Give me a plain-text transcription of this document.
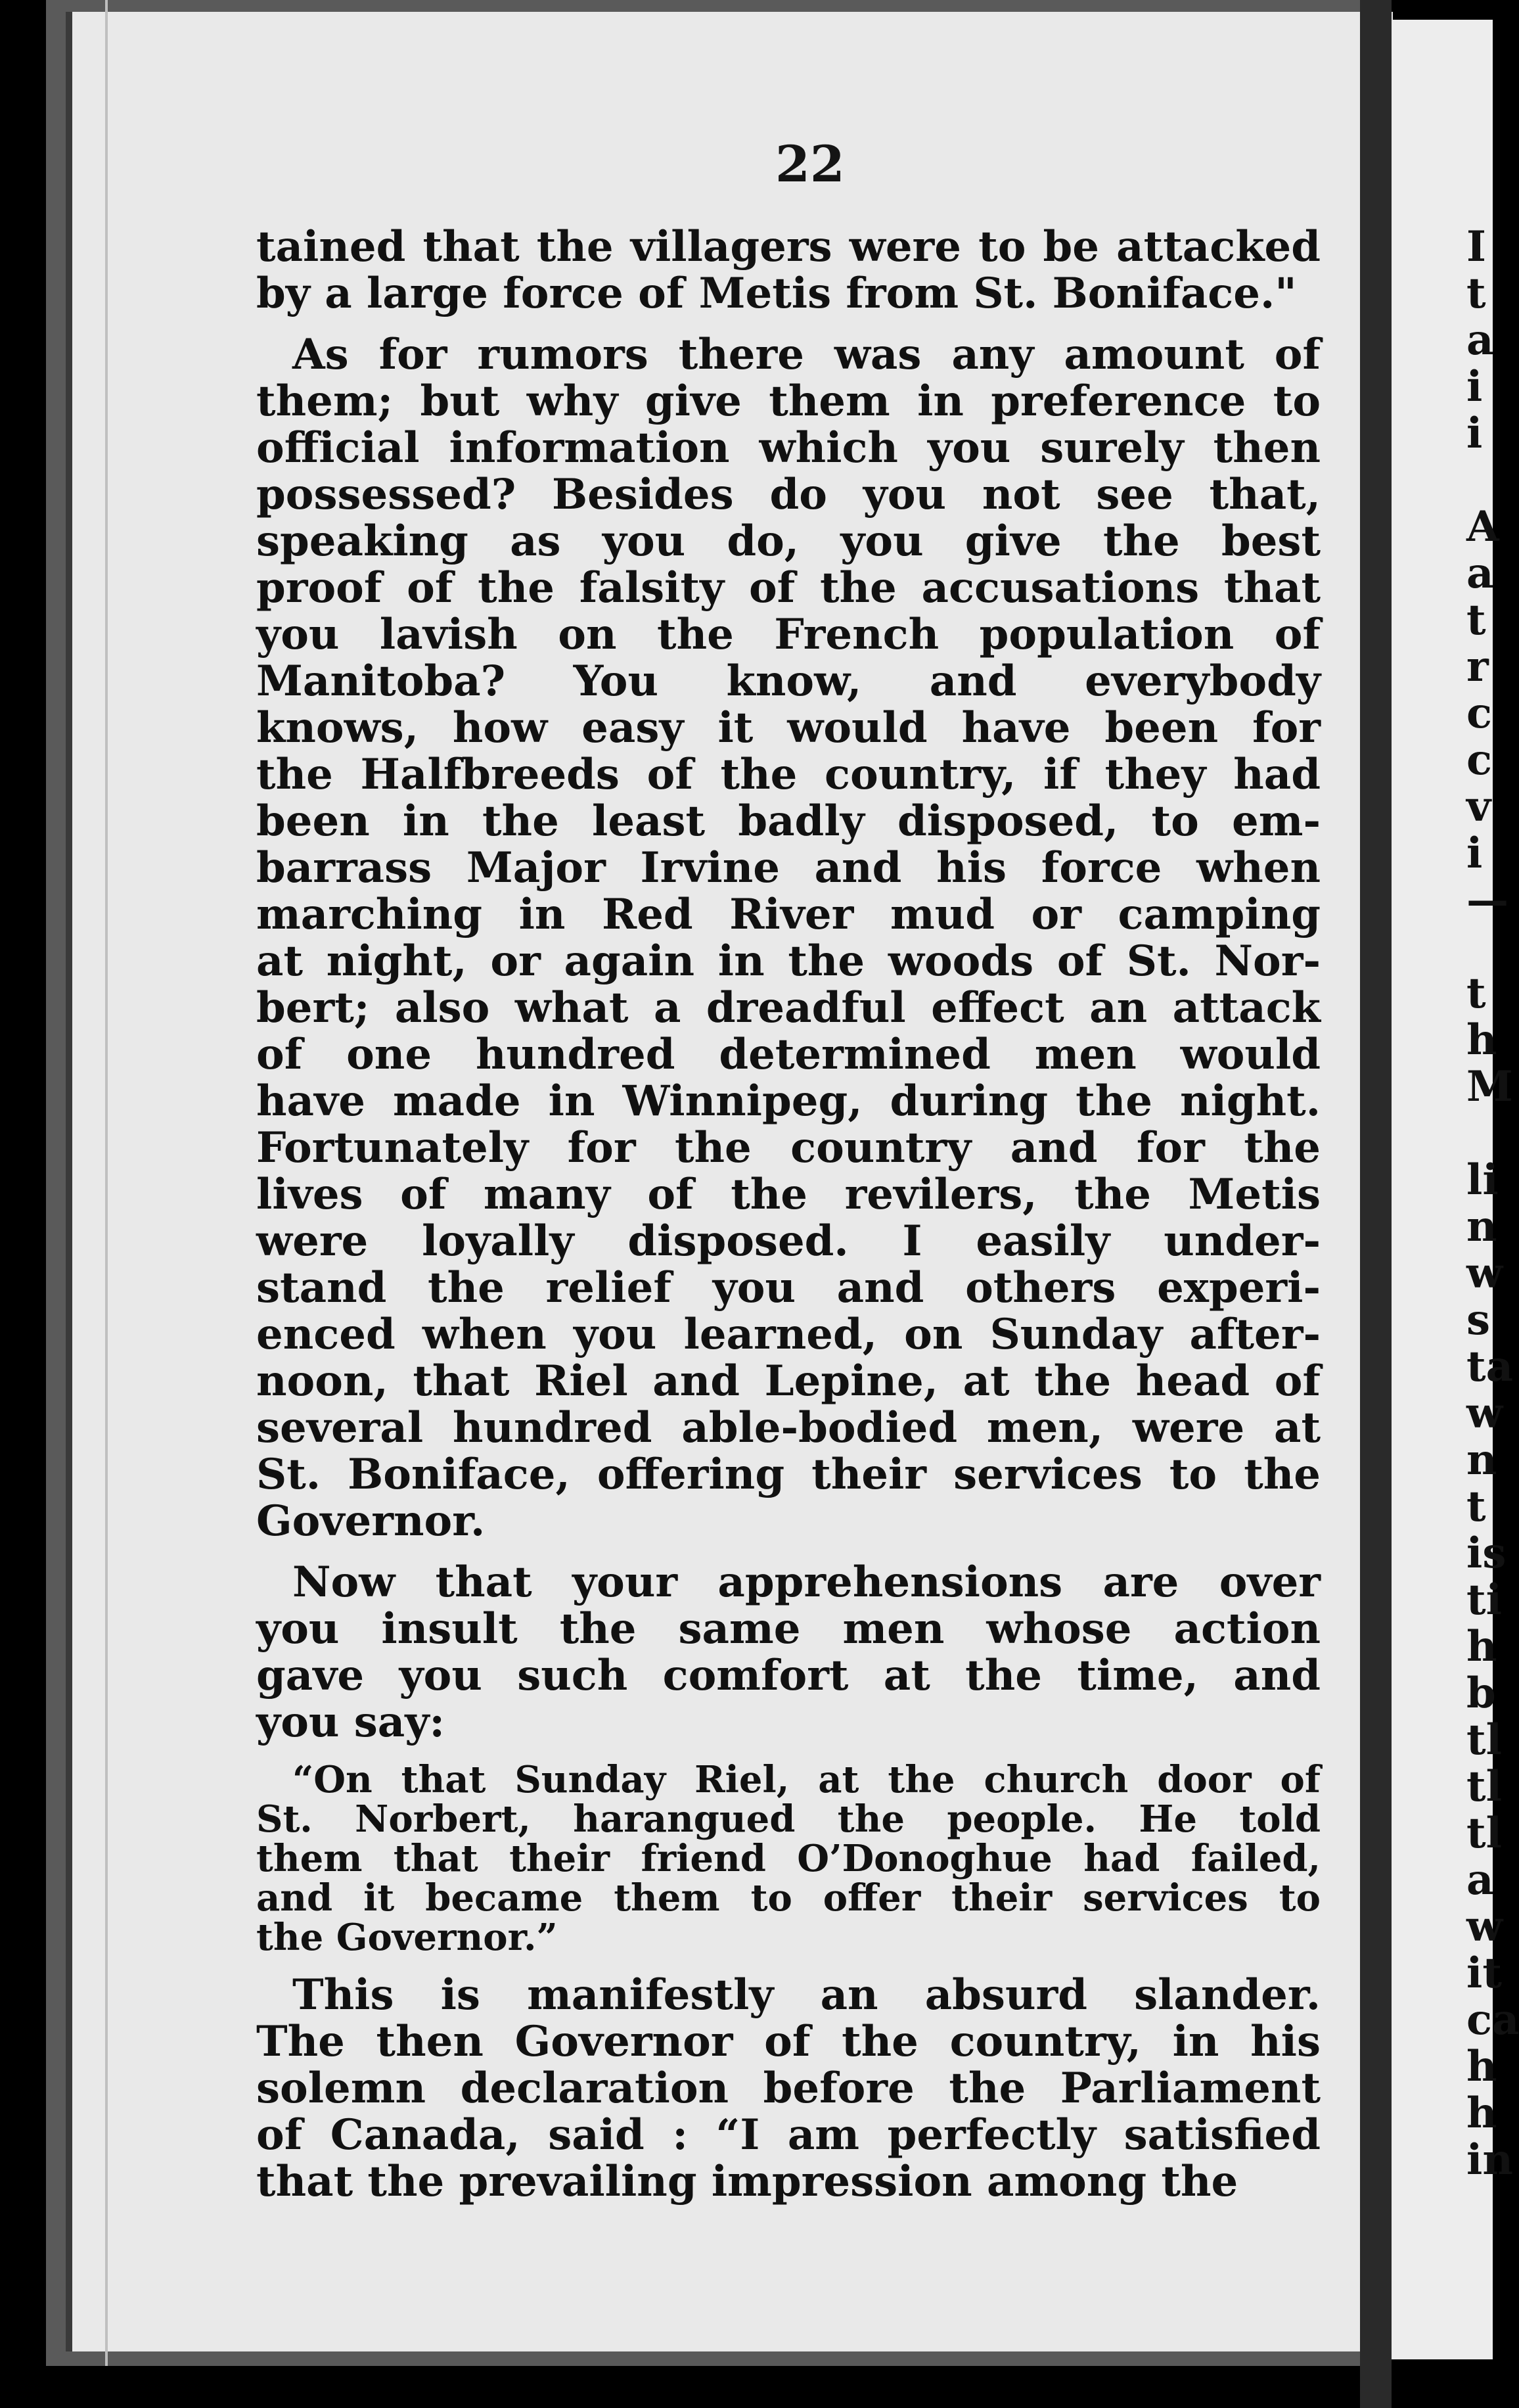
22
tained that the villagers were to be attacked
by a large force of Metis from St. Boniface."
As for rumors there was any amount of
them; but why give them in preference to
official information which you surely then
possessed? Besides do you not see that,
speaking as you do, you give the best
proof of the falsity of the accusations that
you lavish on the French population of
Manitoba? You know, and everybody
knows, how easy it would have been for
the Halfbreeds of the country, if they had
been in the least badly disposed, to em-
barrass Major Irvine and his force when
marching in Red River mud or camping
at night, or again in the woods of St. Nor-
bert; also what a dreadful effect an attack
of one hundred determined men would
have made in Winnipeg, during the night.
Fortunately for the country and for the
lives of many of the revilers, the Metis
were loyally disposed. I easily under-
stand the relief you and others experi-
enced when you learned, on Sunday after-
noon, that Riel and Lepine, at the head of
several hundred able-bodied men, were at
St. Boniface, offering their services to the
Governor.
Now that your apprehensions are over
you insult the same men whose action
gave you such comfort at the time, and
you say:
“On that Sunday Riel, at the church door of
St. Norbert, harangued the people. He told
them that their friend O’Donoghue had failed,
and it became them to offer their services to
the Governor.”
This is manifestly an absurd slander.
The then Governor of the country, in his
solemn declaration before the Parliament
of Canada, said : “I am perfectly satisfied
that the prevailing impression among the
I
t
a
i
i
A
a
t
r
c
c
v
i
—
t
h
M
li
n
w
s
ta
w
n
t
is
ti
h
b
tl
tl
tl
a
w
it
ca
h
h
in
